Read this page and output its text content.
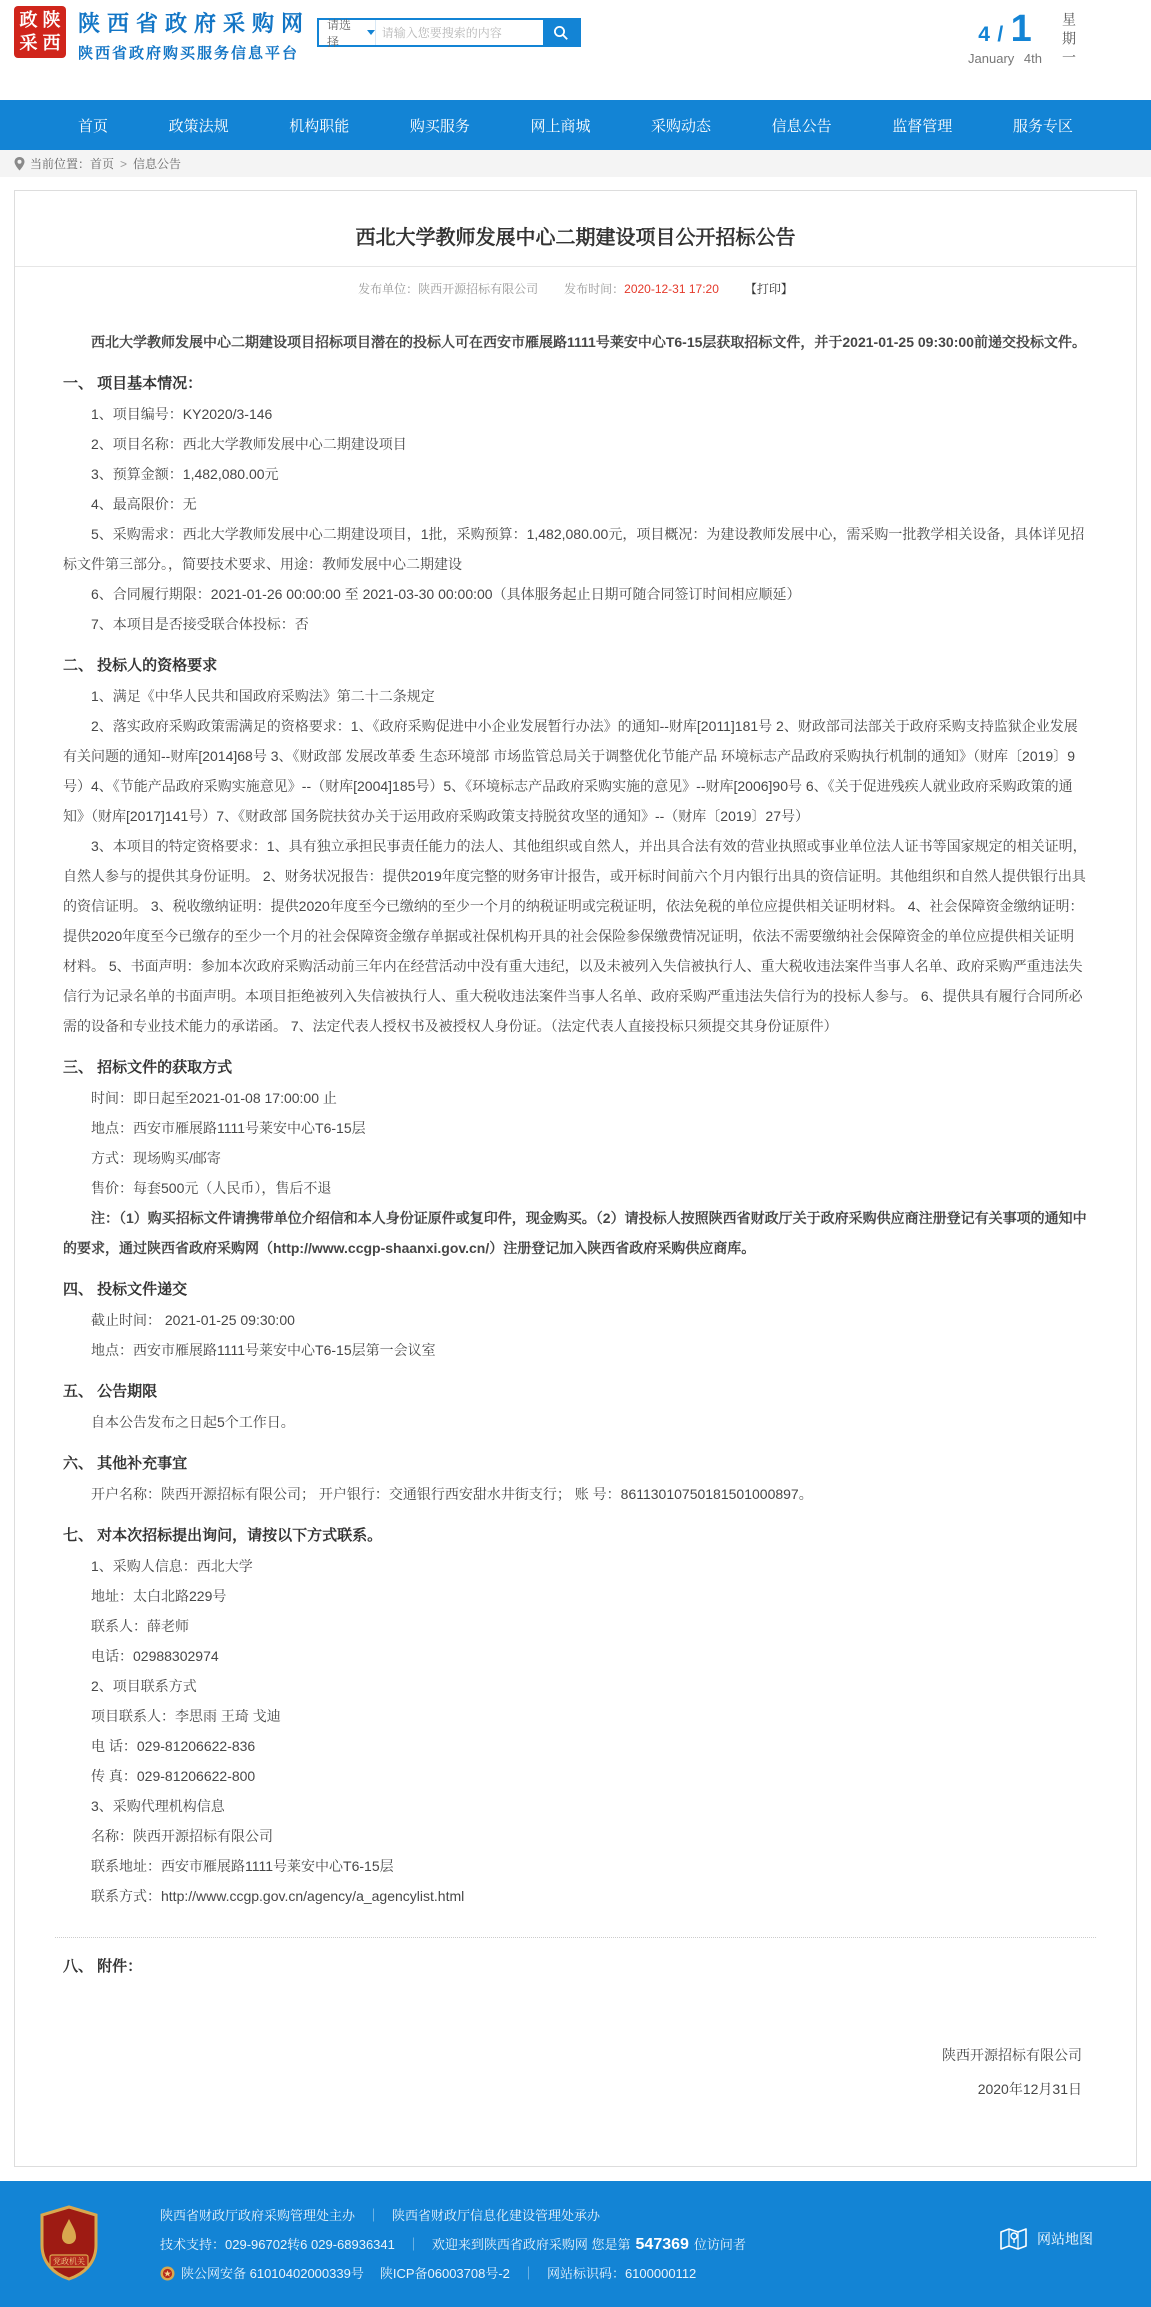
政 陕
采 西
陕西省政府采购网
陕西省政府购买服务信息平台
请选择
请输入您要搜索的内容	4 / 1
January 4th 星期一
首页	政策法规	机构职能	购买服务	网上商城	采购动态	信息公告	监督管理	服务专区
当前位置： 首页 > 信息公告
西北大学教师发展中心二期建设项目公开招标公告
发布单位：陕西开源招标有限公司 发布时间：2020-12-31 17:20 【打印】

西北大学教师发展中心二期建设项目招标项目潜在的投标人可在西安市雁展路1111号莱安中心T6-15层获取招标文件，并于2021-01-25 09:30:00前递交投标文件。

一、 项目基本情况：

1、项目编号：KY2020/3-146

2、项目名称：西北大学教师发展中心二期建设项目

3、预算金额：1,482,080.00元

4、最高限价：无

5、采购需求：西北大学教师发展中心二期建设项目，1批，采购预算：1,482,080.00元，项目概况：为建设教师发展中心，需采购一批教学相关设备，具体详见招标文件第三部分。，简要技术要求、用途：教师发展中心二期建设

6、合同履行期限：2021-01-26 00:00:00 至 2021-03-30 00:00:00（具体服务起止日期可随合同签订时间相应顺延）

7、本项目是否接受联合体投标：否

二、 投标人的资格要求

1、满足《中华人民共和国政府采购法》第二十二条规定

2、落实政府采购政策需满足的资格要求：1、《政府采购促进中小企业发展暂行办法》的通知--财库[2011]181号 2、财政部司法部关于政府采购支持监狱企业发展有关问题的通知--财库[2014]68号 3、《财政部 发展改革委 生态环境部 市场监管总局关于调整优化节能产品 环境标志产品政府采购执行机制的通知》（财库〔2019〕9号）4、《节能产品政府采购实施意见》--（财库[2004]185号）5、《环境标志产品政府采购实施的意见》--财库[2006]90号 6、《关于促进残疾人就业政府采购政策的通知》（财库[2017]141号）7、《财政部 国务院扶贫办关于运用政府采购政策支持脱贫攻坚的通知》--（财库〔2019〕27号）

3、本项目的特定资格要求：1、具有独立承担民事责任能力的法人、其他组织或自然人，并出具合法有效的营业执照或事业单位法人证书等国家规定的相关证明，自然人参与的提供其身份证明。 2、财务状况报告：提供2019年度完整的财务审计报告，或开标时间前六个月内银行出具的资信证明。其他组织和自然人提供银行出具的资信证明。 3、税收缴纳证明：提供2020年度至今已缴纳的至少一个月的纳税证明或完税证明，依法免税的单位应提供相关证明材料。 4、社会保障资金缴纳证明：提供2020年度至今已缴存的至少一个月的社会保障资金缴存单据或社保机构开具的社会保险参保缴费情况证明，依法不需要缴纳社会保障资金的单位应提供相关证明材料。 5、书面声明：参加本次政府采购活动前三年内在经营活动中没有重大违纪，以及未被列入失信被执行人、重大税收违法案件当事人名单、政府采购严重违法失信行为记录名单的书面声明。本项目拒绝被列入失信被执行人、重大税收违法案件当事人名单、政府采购严重违法失信行为的投标人参与。 6、提供具有履行合同所必需的设备和专业技术能力的承诺函。 7、法定代表人授权书及被授权人身份证。（法定代表人直接投标只须提交其身份证原件）

三、 招标文件的获取方式

时间：即日起至2021-01-08 17:00:00 止

地点：西安市雁展路1111号莱安中心T6-15层

方式：现场购买/邮寄

售价：每套500元（人民币），售后不退

注：（1）购买招标文件请携带单位介绍信和本人身份证原件或复印件，现金购买。（2）请投标人按照陕西省财政厅关于政府采购供应商注册登记有关事项的通知中的要求，通过陕西省政府采购网（http://www.ccgp-shaanxi.gov.cn/）注册登记加入陕西省政府采购供应商库。

四、 投标文件递交

截止时间： 2021-01-25 09:30:00

地点：西安市雁展路1111号莱安中心T6-15层第一会议室

五、 公告期限

自本公告发布之日起5个工作日。

六、 其他补充事宜

开户名称：陕西开源招标有限公司； 开户银行：交通银行西安甜水井街支行； 账 号：86113010750181501000897。

七、 对本次招标提出询问，请按以下方式联系。

1、采购人信息：西北大学

地址：太白北路229号

联系人：薛老师

电话：02988302974

2、项目联系方式

项目联系人：李思雨 王琦 戈迪

电 话：029-81206622-836

传 真：029-81206622-800

3、采购代理机构信息

名称：陕西开源招标有限公司

联系地址：西安市雁展路1111号莱安中心T6-15层

联系方式：http://www.ccgp.gov.cn/agency/a_agencylist.html

八、 附件：

陕西开源招标有限公司

2020年12月31日

党政机关
陕西省财政厅政府采购管理处主办 ｜ 陕西省财政厅信息化建设管理处承办
技术支持：029-96702转6 029-68936341 ｜ 欢迎来到陕西省政府采购网 您是第 547369 位访问者
陕公网安备 61010402000339号 陕ICP备06003708号-2 ｜ 网站标识码：6100000112
网站地图
